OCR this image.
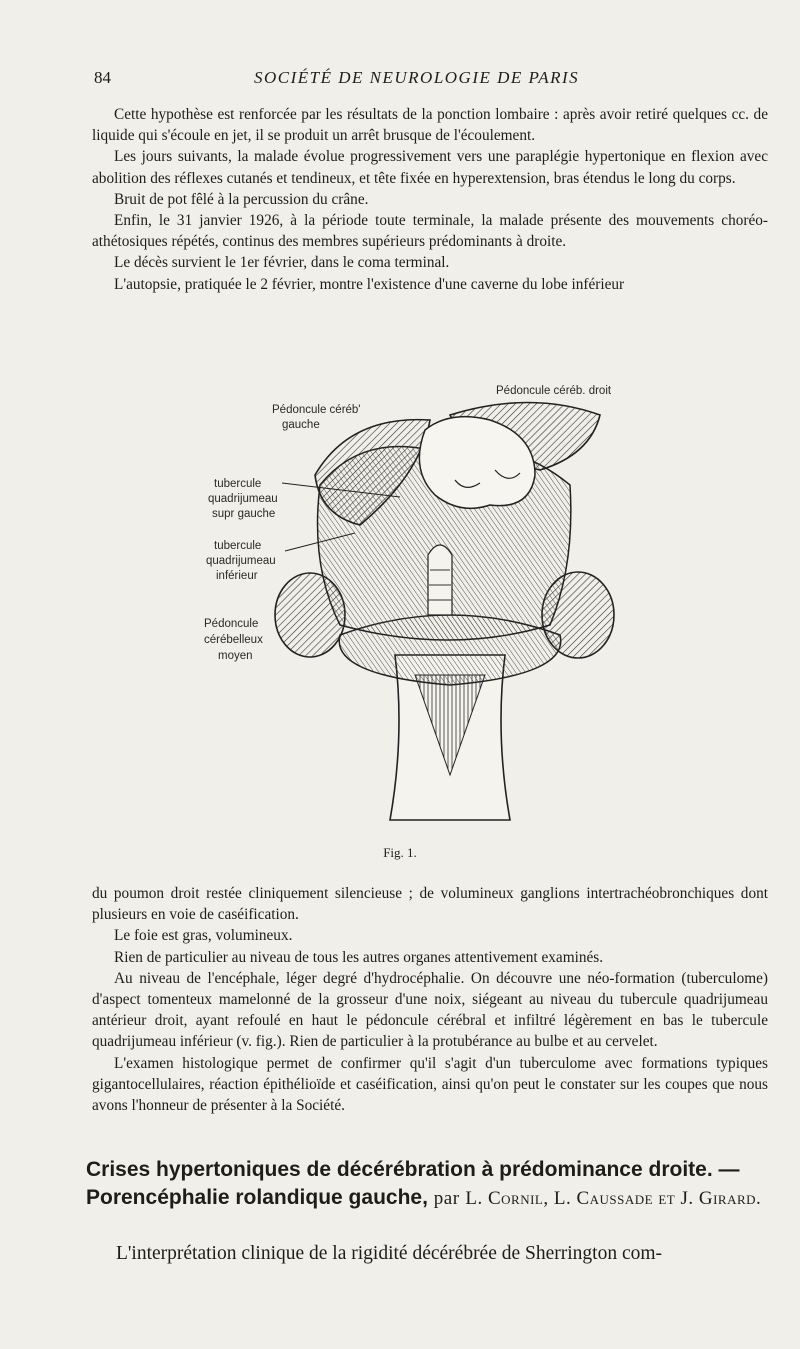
84	SOCIÉTÉ DE NEUROLOGIE DE PARIS

Cette hypothèse est renforcée par les résultats de la ponction lombaire : après avoir retiré quelques cc. de liquide qui s'écoule en jet, il se produit un arrêt brusque de l'écoulement.

Les jours suivants, la malade évolue progressivement vers une paraplégie hypertonique en flexion avec abolition des réflexes cutanés et tendineux, et tête fixée en hyperextension, bras étendus le long du corps.

Bruit de pot fêlé à la percussion du crâne.

Enfin, le 31 janvier 1926, à la période toute terminale, la malade présente des mouvements choréo-athétosiques répétés, continus des membres supérieurs prédominants à droite.

Le décès survient le 1er février, dans le coma terminal.

L'autopsie, pratiquée le 2 février, montre l'existence d'une caverne du lobe inférieur

Pédoncule céréb. droit
Pédoncule céréb'
gauche
tubercule
quadrijumeau
supr gauche
tubercule
quadrijumeau
inférieur
Pédoncule
cérébelleux
moyen
Fig. 1.

du poumon droit restée cliniquement silencieuse ; de volumineux ganglions intertrachéobronchiques dont plusieurs en voie de caséification.

Le foie est gras, volumineux.

Rien de particulier au niveau de tous les autres organes attentivement examinés.

Au niveau de l'encéphale, léger degré d'hydrocéphalie. On découvre une néo-formation (tuberculome) d'aspect tomenteux mamelonné de la grosseur d'une noix, siégeant au niveau du tubercule quadrijumeau antérieur droit, ayant refoulé en haut le pédoncule cérébral et infiltré légèrement en bas le tubercule quadrijumeau inférieur (v. fig.). Rien de particulier à la protubérance au bulbe et au cervelet.

L'examen histologique permet de confirmer qu'il s'agit d'un tuberculome avec formations typiques gigantocellulaires, réaction épithélioïde et caséification, ainsi qu'on peut le constater sur les coupes que nous avons l'honneur de présenter à la Société.

Crises hypertoniques de décérébration à prédominance droite. — Porencéphalie rolandique gauche, par L. Cornil, L. Caussade et J. Girard.
L'interprétation clinique de la rigidité décérébrée de Sherrington com-
